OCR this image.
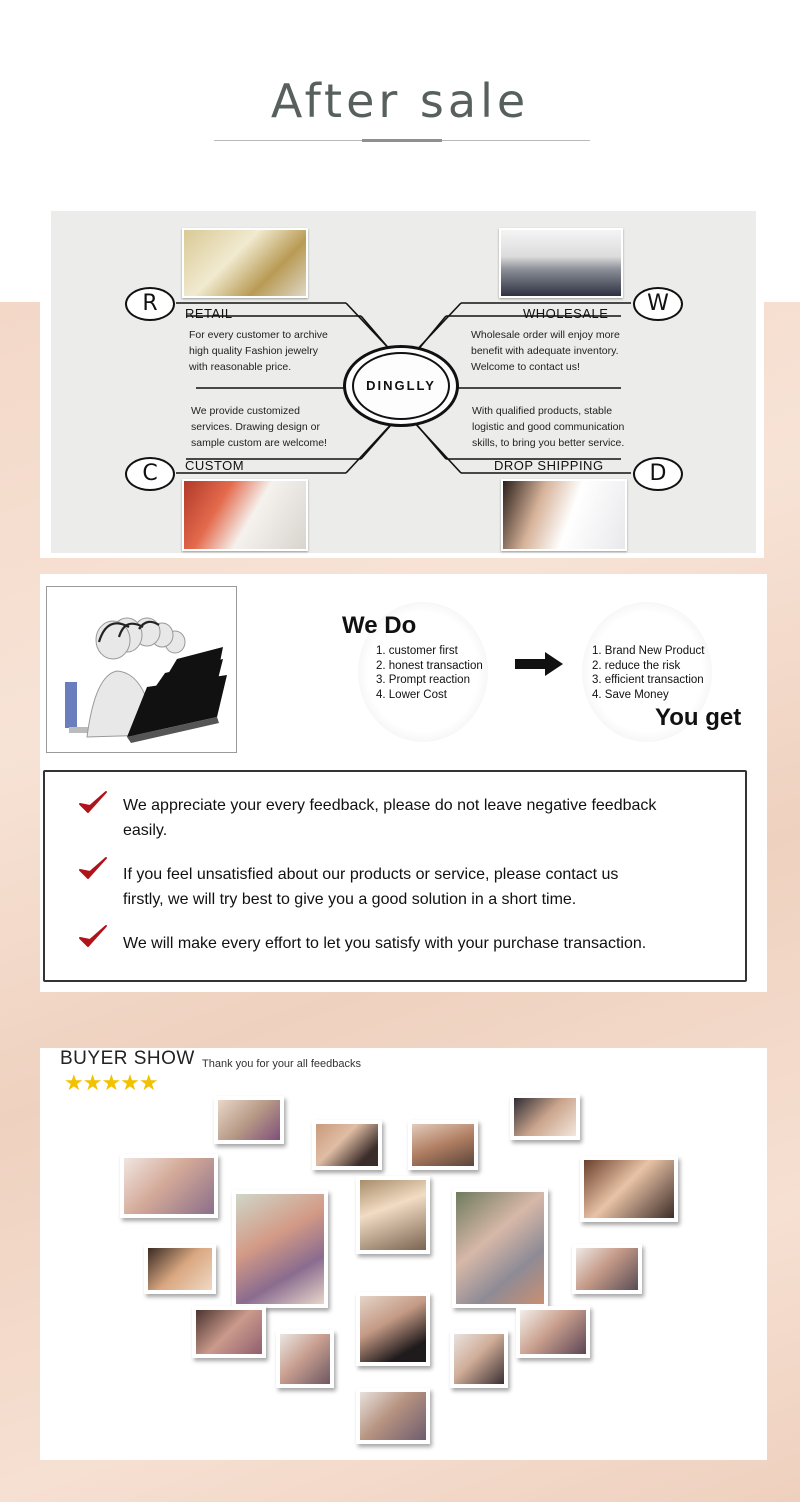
After sale
R	W
C	D
RETAIL	WHOLESALE
CUSTOM	DROP SHIPPING
For every customer to archive
high quality Fashion jewelry
with reasonable price.
Wholesale order will enjoy more
benefit with adequate inventory.
Welcome to contact us!
We provide customized
services. Drawing design or
sample custom are welcome!
With qualified products, stable
logistic and good communication
skills, to bring you better service.
DINGLLY
We Do
1. customer first
2. honest transaction
3. Prompt reaction
4. Lower Cost
1. Brand New Product
2. reduce the risk
3. efficient transaction
4. Save Money
You get
We appreciate your every feedback, please do not leave negative feedback
easily.
If you feel unsatisfied about our products or service, please contact us
firstly, we will try best to give you a good solution in a short time.
We will make every effort to let you satisfy with your purchase transaction.
BUYER SHOW Thank you for your all feedbacks
★★★★★
